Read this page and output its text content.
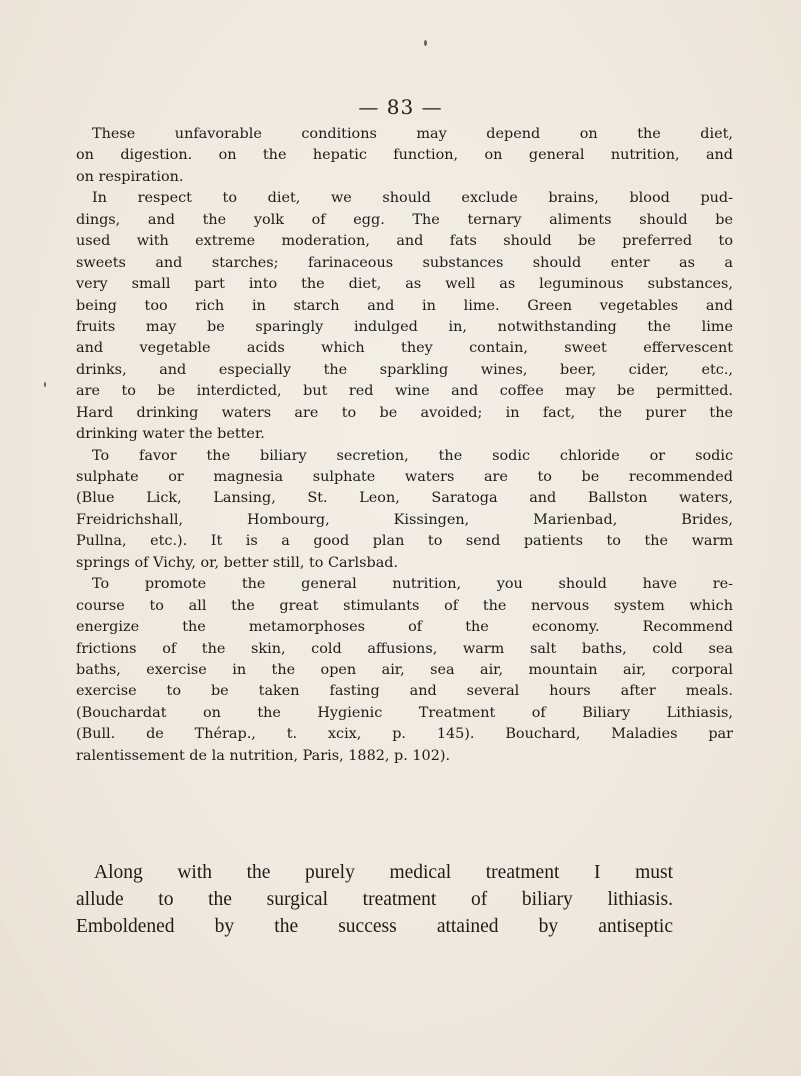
— 83 —
These unfavorable conditions may depend on the diet,
on digestion. on the hepatic function, on general nutrition, and
on respiration.
In respect to diet, we should exclude brains, blood pud-
dings, and the yolk of egg. The ternary aliments should be
used with extreme moderation, and fats should be preferred to
sweets and starches; farinaceous substances should enter as a
very small part into the diet, as well as leguminous substances,
being too rich in starch and in lime. Green vegetables and
fruits may be sparingly indulged in, notwithstanding the lime
and vegetable acids which they contain, sweet effervescent
drinks, and especially the sparkling wines, beer, cider, etc.,
are to be interdicted, but red wine and coffee may be permitted.
Hard drinking waters are to be avoided; in fact, the purer the
drinking water the better.
To favor the biliary secretion, the sodic chloride or sodic
sulphate or magnesia sulphate waters are to be recommended
(Blue Lick, Lansing, St. Leon, Saratoga and Ballston waters,
Freidrichshall, Hombourg, Kissingen, Marienbad, Brides,
Pullna, etc.). It is a good plan to send patients to the warm
springs of Vichy, or, better still, to Carlsbad.
To promote the general nutrition, you should have re-
course to all the great stimulants of the nervous system which
energize the metamorphoses of the economy. Recommend
frictions of the skin, cold affusions, warm salt baths, cold sea
baths, exercise in the open air, sea air, mountain air, corporal
exercise to be taken fasting and several hours after meals.
(Bouchardat on the Hygienic Treatment of Biliary Lithiasis,
(Bull. de Thérap., t. xcix, p. 145). Bouchard, Maladies par
ralentissement de la nutrition, Paris, 1882, p. 102).
Along with the purely medical treatment I must
allude to the surgical treatment of biliary lithiasis.
Emboldened by the success attained by antiseptic
